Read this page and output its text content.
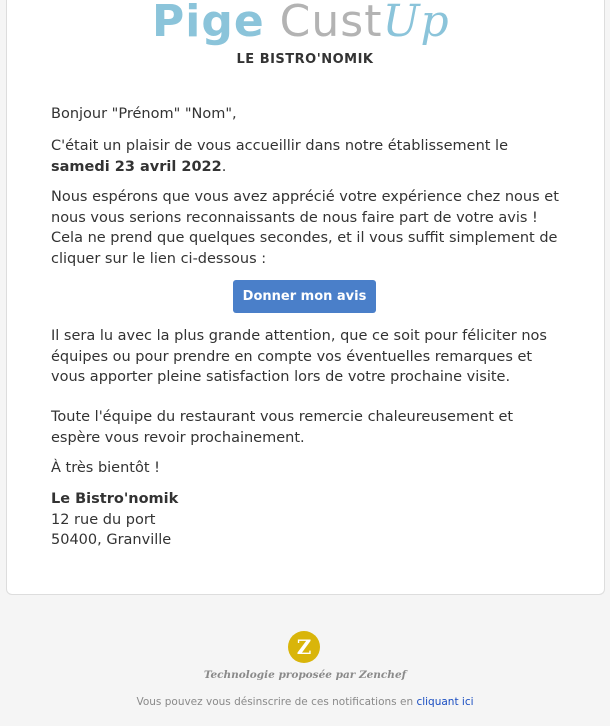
Pige CustUp
LE BISTRO'NOMIK
Bonjour "Prénom" "Nom",
C'était un plaisir de vous accueillir dans notre établissement le samedi 23 avril 2022.
Nous espérons que vous avez apprécié votre expérience chez nous et nous vous serions reconnaissants de nous faire part de votre avis ! Cela ne prend que quelques secondes, et il vous suffit simplement de cliquer sur le lien ci-dessous :
Donner mon avis
Il sera lu avec la plus grande attention, que ce soit pour féliciter nos équipes ou pour prendre en compte vos éventuelles remarques et vous apporter pleine satisfaction lors de votre prochaine visite.
Toute l'équipe du restaurant vous remercie chaleureusement et espère vous revoir prochainement.
À très bientôt !
Le Bistro'nomik
12 rue du port
50400, Granville
Z
Technologie proposée par Zenchef
Vous pouvez vous désinscrire de ces notifications en cliquant ici
